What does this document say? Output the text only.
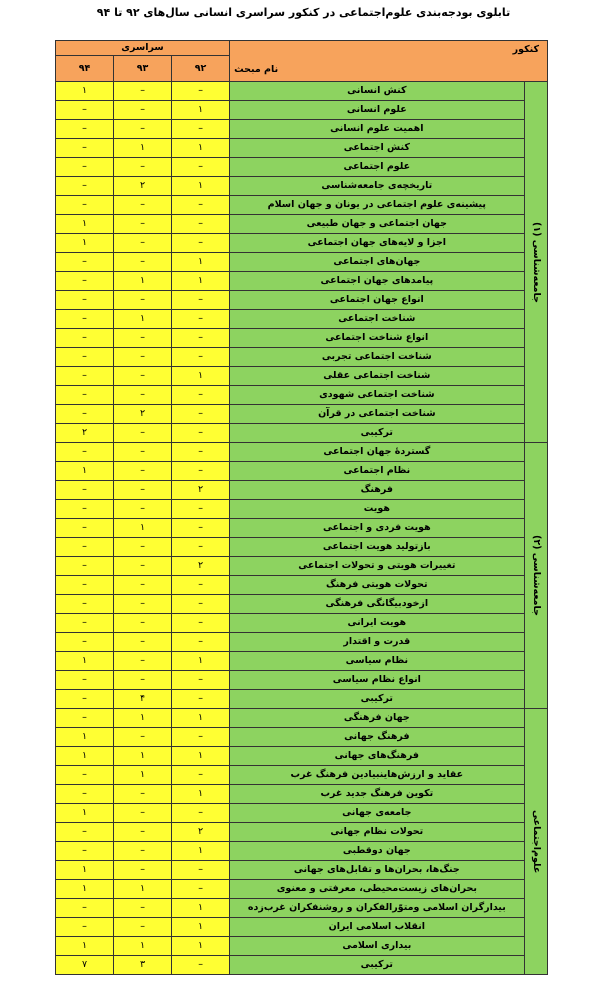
تابلوی بودجه‌بندی علوم‌اجتماعی در کنکور سراسری انسانی سال‌های ۹۲ تا ۹۴
کنکور
نام مبحث		سراسری		
		۹۲	۹۳	۹۴
جامعه‌شناسی (۱)	کنش انسانی	–	–	۱
	علوم انسانی	۱	–	–
	اهمیت علوم انسانی	–	–	–
	کنش اجتماعی	۱	۱	–
	علوم اجتماعی	–	–	–
	تاریخچه‌ی جامعه‌شناسی	۱	۲	–
	پیشینه‌ی علوم اجتماعی در یونان و جهان اسلام	–	–	–
	جهان اجتماعی و جهان طبیعی	–	–	۱
	اجزا و لایه‌های جهان اجتماعی	–	–	۱
	جهان‌های اجتماعی	۱	–	–
	پیامدهای جهان اجتماعی	۱	۱	–
	انواع جهان اجتماعی	–	–	–
	شناخت اجتماعی	–	۱	–
	انواع شناخت اجتماعی	–	–	–
	شناخت اجتماعی تجربی	–	–	–
	شناخت اجتماعی عقلی	۱	–	–
	شناخت اجتماعی شهودی	–	–	–
	شناخت اجتماعی در قرآن	–	۲	–
	ترکیبی	–	–	۲
جامعه‌شناسی (۲)	گستردهٔ جهان اجتماعی	–	–	–
	نظام اجتماعی	–	–	۱
	فرهنگ	۲	–	–
	هویت	–	–	–
	هویت فردی و اجتماعی	–	۱	–
	بازتولید هویت اجتماعی	–	–	–
	تغییرات هویتی و تحولات اجتماعی	۲	–	–
	تحولات هویتی فرهنگ	–	–	–
	ازخودبیگانگی فرهنگی	–	–	–
	هویت ایرانی	–	–	–
	قدرت و اقتدار	–	–	–
	نظام سیاسی	۱	–	۱
	انواع نظام سیاسی	–	–	–
	ترکیبی	–	۴	–
علوم‌اجتماعی	جهان فرهنگی	۱	۱	–
	فرهنگ جهانی	–	–	۱
	فرهنگ‌های جهانی	۱	۱	۱
	عقاید و ارزش‌هاینبیادین فرهنگ غرب	–	۱	–
	تکوین فرهنگ جدید غرب	۱	–	–
	جامعه‌ی جهانی	–	–	۱
	تحولات نظام جهانی	۲	–	–
	جهان دوقطبی	۱	–	–
	جنگ‌ها، بحران‌ها و تقابل‌های جهانی	–	–	۱
	بحران‌های زیست‌محیطی، معرفتی و معنوی	–	۱	۱
	بیدارگران اسلامی ومتوّرالفکران و روشنفکران غرب‌زده	۱	–	–
	انقلاب اسلامی ایران	۱	–	–
	بیداری اسلامی	۱	۱	۱
	ترکیبی	–	۳	۷
